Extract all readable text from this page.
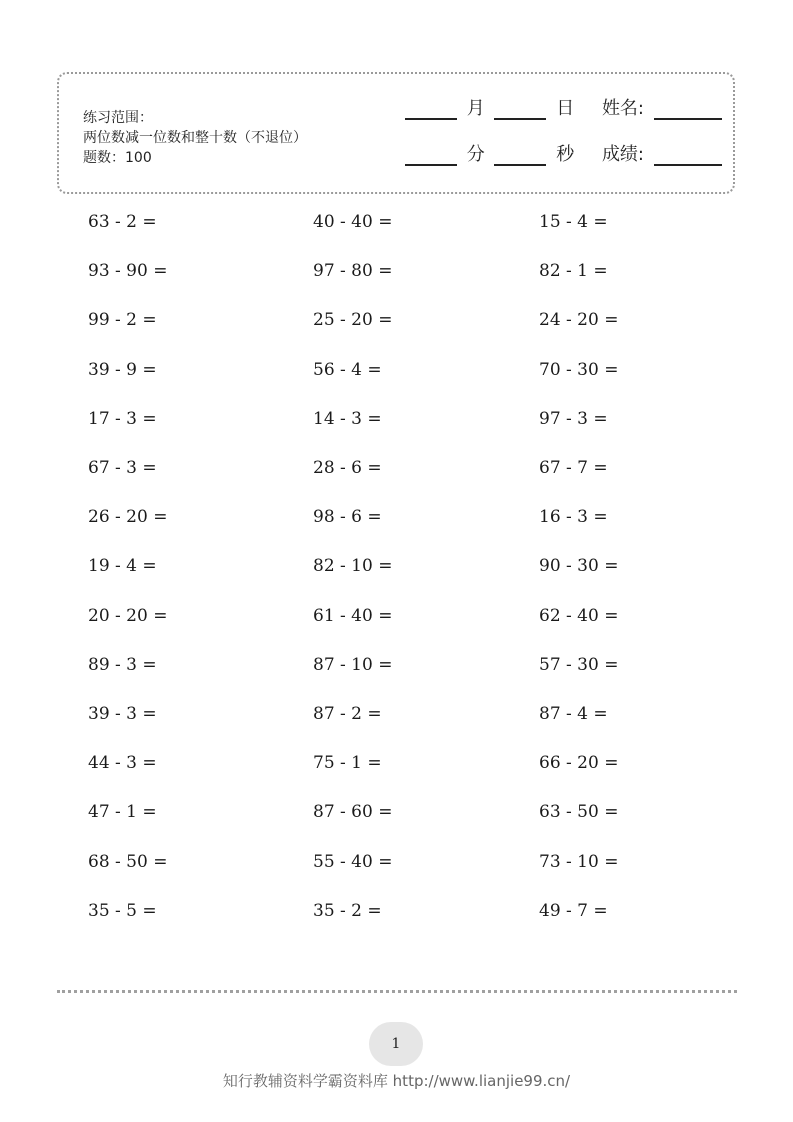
练习范围：
两位数减一位数和整十数（不退位）
题数：100
月	日 姓名:
分	秒 成绩:
63 - 2 =
93 - 90 =
99 - 2 =
39 - 9 =
17 - 3 =
67 - 3 =
26 - 20 =
19 - 4 =
20 - 20 =
89 - 3 =
39 - 3 =
44 - 3 =
47 - 1 =
68 - 50 =
35 - 5 =
40 - 40 =
97 - 80 =
25 - 20 =
56 - 4 =
14 - 3 =
28 - 6 =
98 - 6 =
82 - 10 =
61 - 40 =
87 - 10 =
87 - 2 =
75 - 1 =
87 - 60 =
55 - 40 =
35 - 2 =
15 - 4 =
82 - 1 =
24 - 20 =
70 - 30 =
97 - 3 =
67 - 7 =
16 - 3 =
90 - 30 =
62 - 40 =
57 - 30 =
87 - 4 =
66 - 20 =
63 - 50 =
73 - 10 =
49 - 7 =
1
知行教辅资料学霸资料库 http://www.lianjie99.cn/
